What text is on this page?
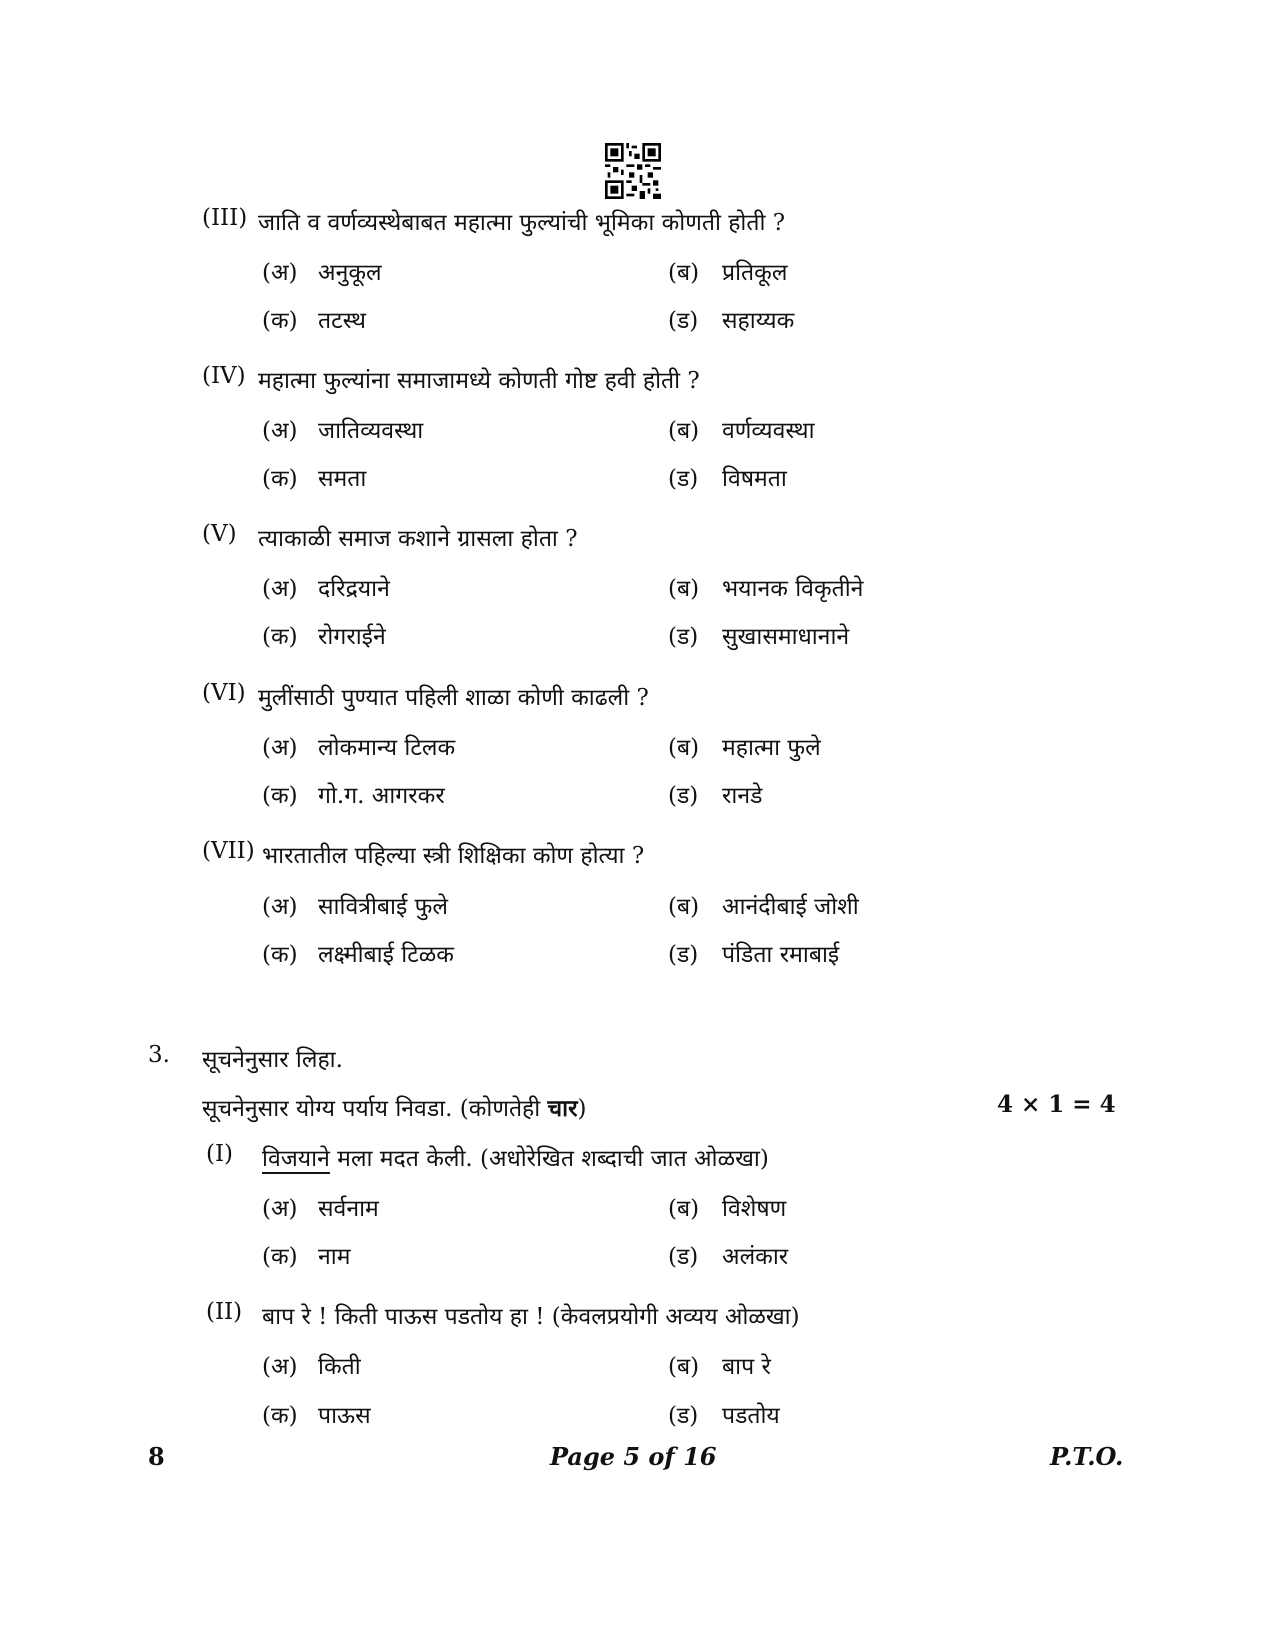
(III) जाति व वर्णव्यस्थेबाबत महात्मा फुल्यांची भूमिका कोणती होती ?
(अ) अनुकूल	(ब) प्रतिकूल
(क) तटस्थ	(ड) सहाय्यक
(IV) महात्मा फुल्यांना समाजामध्ये कोणती गोष्ट हवी होती ?
(अ) जातिव्यवस्था	(ब) वर्णव्यवस्था
(क) समता	(ड) विषमता
(V) त्याकाळी समाज कशाने ग्रासला होता ?
(अ) दरिद्रयाने	(ब) भयानक विकृतीने
(क) रोगराईने	(ड) सुखासमाधानाने
(VI) मुलींसाठी पुण्यात पहिली शाळा कोणी काढली ?
(अ) लोकमान्य टिलक	(ब) महात्मा फुले
(क) गो.ग. आगरकर	(ड) रानडे
(VII) भारतातील पहिल्या स्त्री शिक्षिका कोण होत्या ?
(अ) सावित्रीबाई फुले	(ब) आनंदीबाई जोशी
(क) लक्ष्मीबाई टिळक	(ड) पंडिता रमाबाई
3. सूचनेनुसार लिहा.
सूचनेनुसार योग्य पर्याय निवडा. (कोणतेही चार)	4 × 1 = 4
(I) विजयाने मला मदत केली. (अधोरेखित शब्दाची जात ओळखा)
(अ) सर्वनाम	(ब) विशेषण
(क) नाम	(ड) अलंकार
(II) बाप रे ! किती पाऊस पडतोय हा ! (केवलप्रयोगी अव्यय ओळखा)
(अ) किती	(ब) बाप रे
(क) पाऊस	(ड) पडतोय
8	Page 5 of 16	P.T.O.
